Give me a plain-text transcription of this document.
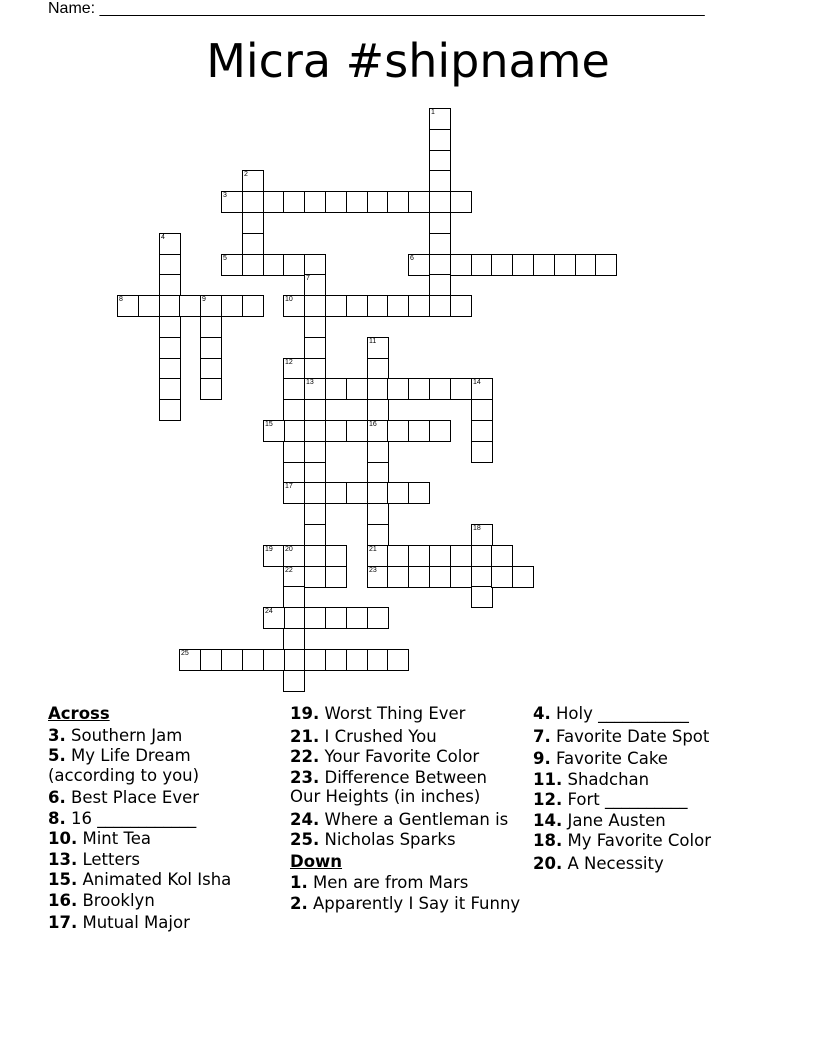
Name: ____________________________________________________________________
Micra #shipname
1
2
3
4
5	6
7
13
8	9	10
11
16
12
17
14
15
18
19 20
22
21
23
24
25
Across
3. Southern Jam
5. My Life Dream (according to you)
6. Best Place Ever
8. 16 ____________
10. Mint Tea
13. Letters
15. Animated Kol Isha
16. Brooklyn
17. Mutual Major
19. Worst Thing Ever
21. I Crushed You
22. Your Favorite Color
23. Difference Between Our Heights (in inches)
24. Where a Gentleman is
25. Nicholas Sparks
Down
1. Men are from Mars
2. Apparently I Say it Funny
4. Holy ___________
7. Favorite Date Spot
9. Favorite Cake
11. Shadchan
12. Fort __________
14. Jane Austen
18. My Favorite Color
20. A Necessity
